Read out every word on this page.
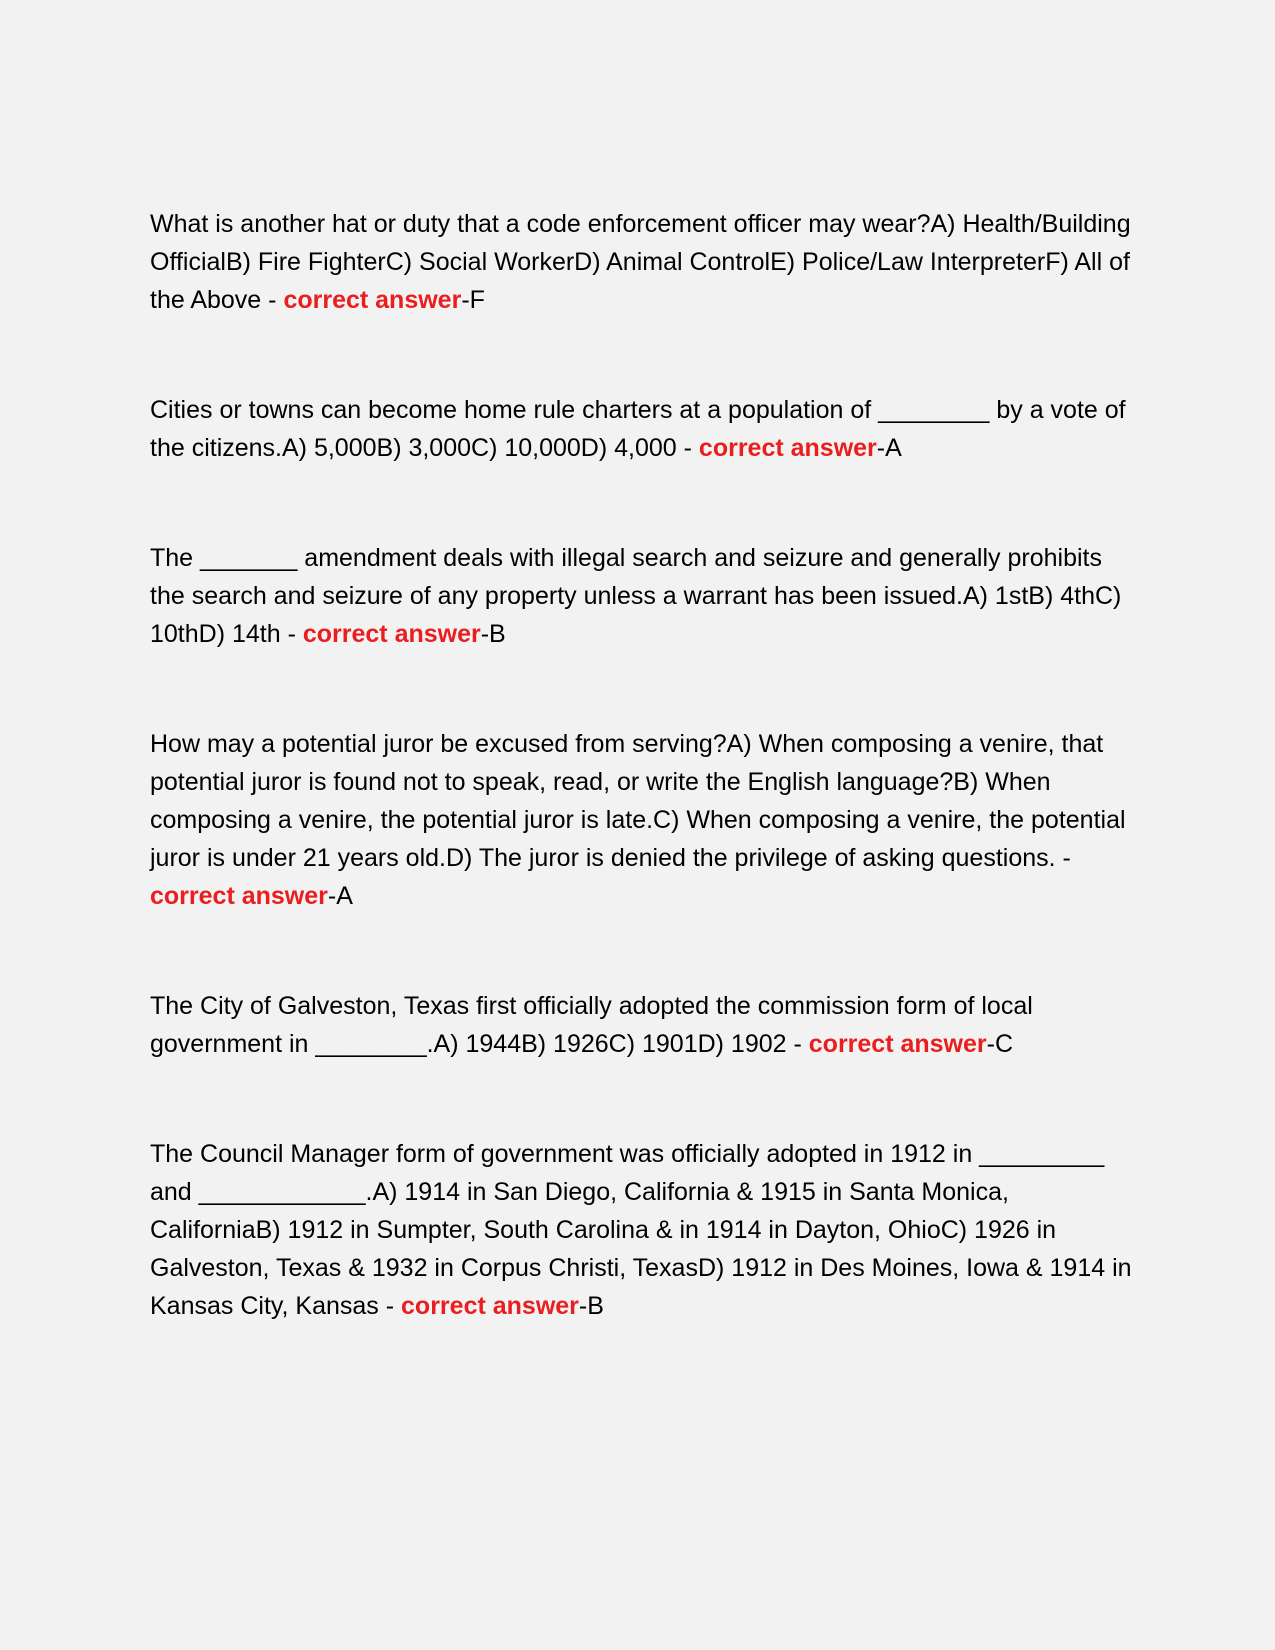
What is another hat or duty that a code enforcement officer may wear?A) Health/Building OfficialB) Fire FighterC) Social WorkerD) Animal ControlE) Police/Law InterpreterF) All of the Above - correct answer-F

Cities or towns can become home rule charters at a population of ________ by a vote of the citizens.A) 5,000B) 3,000C) 10,000D) 4,000 - correct answer-A

The _______ amendment deals with illegal search and seizure and generally prohibits the search and seizure of any property unless a warrant has been issued.A) 1stB) 4thC) 10thD) 14th - correct answer-B

How may a potential juror be excused from serving?A) When composing a venire, that potential juror is found not to speak, read, or write the English language?B) When composing a venire, the potential juror is late.C) When composing a venire, the potential juror is under 21 years old.D) The juror is denied the privilege of asking questions. - correct answer-A

The City of Galveston, Texas first officially adopted the commission form of local government in ________.A) 1944B) 1926C) 1901D) 1902 - correct answer-C

The Council Manager form of government was officially adopted in 1912 in _________ and ____________.A) 1914 in San Diego, California & 1915 in Santa Monica, CaliforniaB) 1912 in Sumpter, South Carolina & in 1914 in Dayton, OhioC) 1926 in Galveston, Texas & 1932 in Corpus Christi, TexasD) 1912 in Des Moines, Iowa & 1914 in Kansas City, Kansas - correct answer-B
